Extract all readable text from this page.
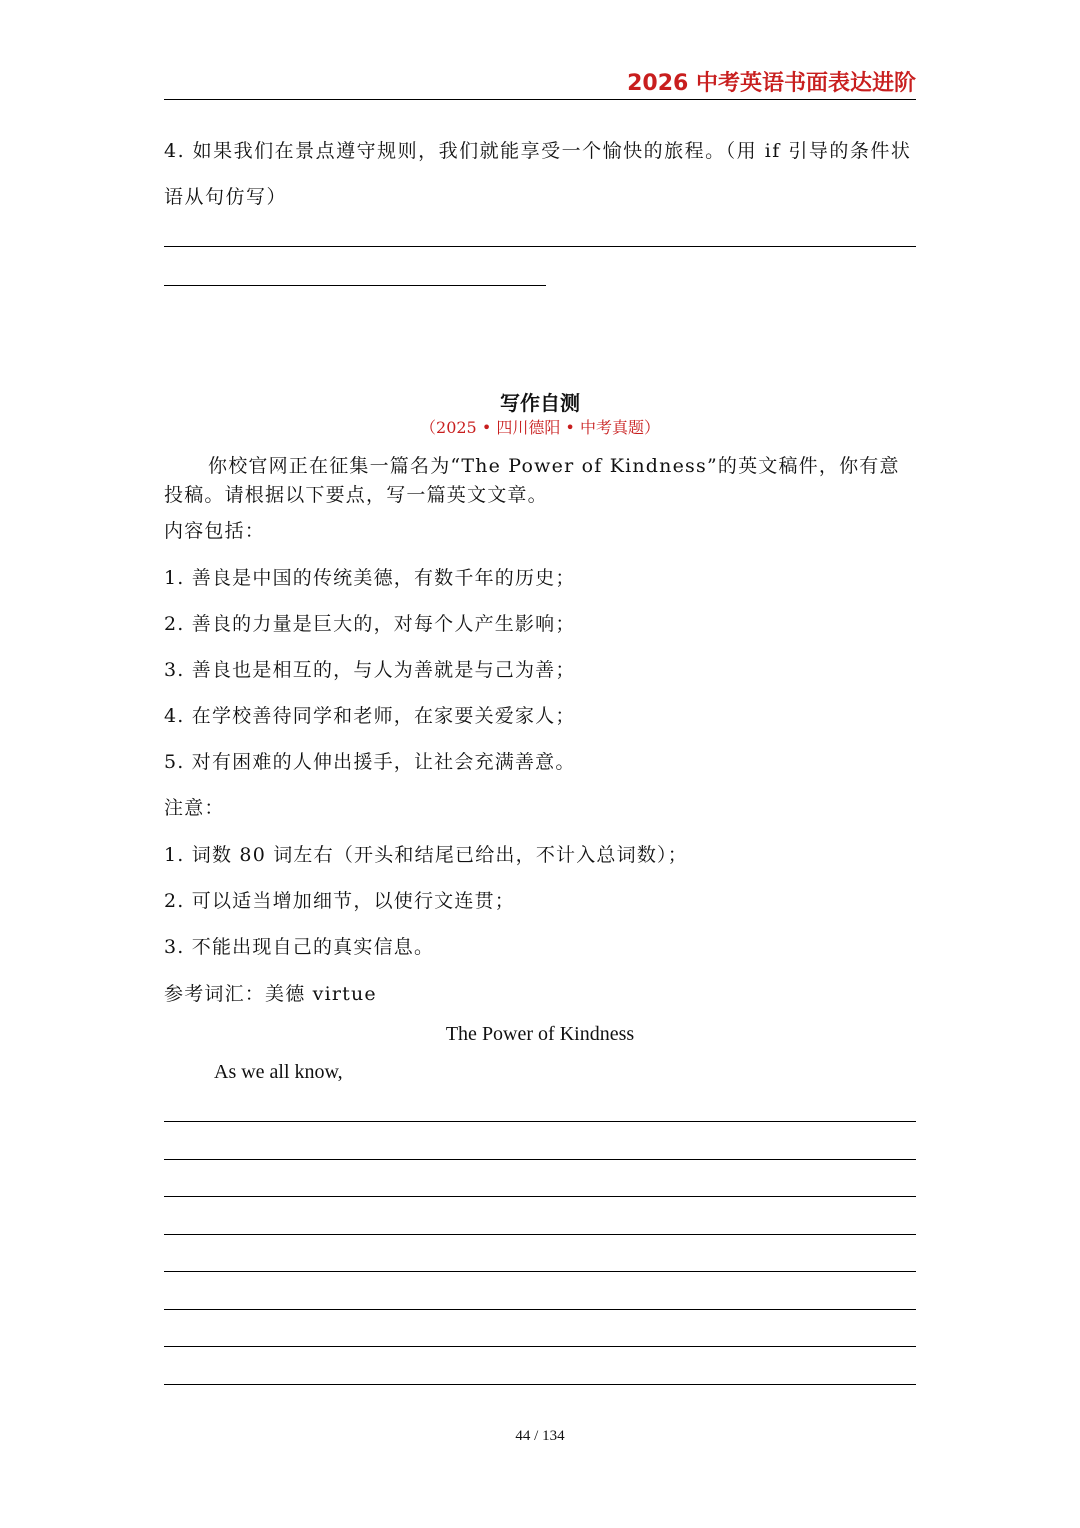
2026 中考英语书面表达进阶
4. 如果我们在景点遵守规则，我们就能享受一个愉快的旅程。（用 if 引导的条件状语从句仿写）
写作自测
（2025 • 四川德阳 • 中考真题）
你校官网正在征集一篇名为“The Power of Kindness”的英文稿件，你有意投稿。请根据以下要点，写一篇英文文章。
内容包括：
1. 善良是中国的传统美德，有数千年的历史；
2. 善良的力量是巨大的，对每个人产生影响；
3. 善良也是相互的，与人为善就是与己为善；
4. 在学校善待同学和老师，在家要关爱家人；
5. 对有困难的人伸出援手，让社会充满善意。
注意：
1. 词数 80 词左右（开头和结尾已给出，不计入总词数）；
2. 可以适当增加细节，以使行文连贯；
3. 不能出现自己的真实信息。
参考词汇：美德 virtue
The Power of Kindness
As we all know,
44 / 134
